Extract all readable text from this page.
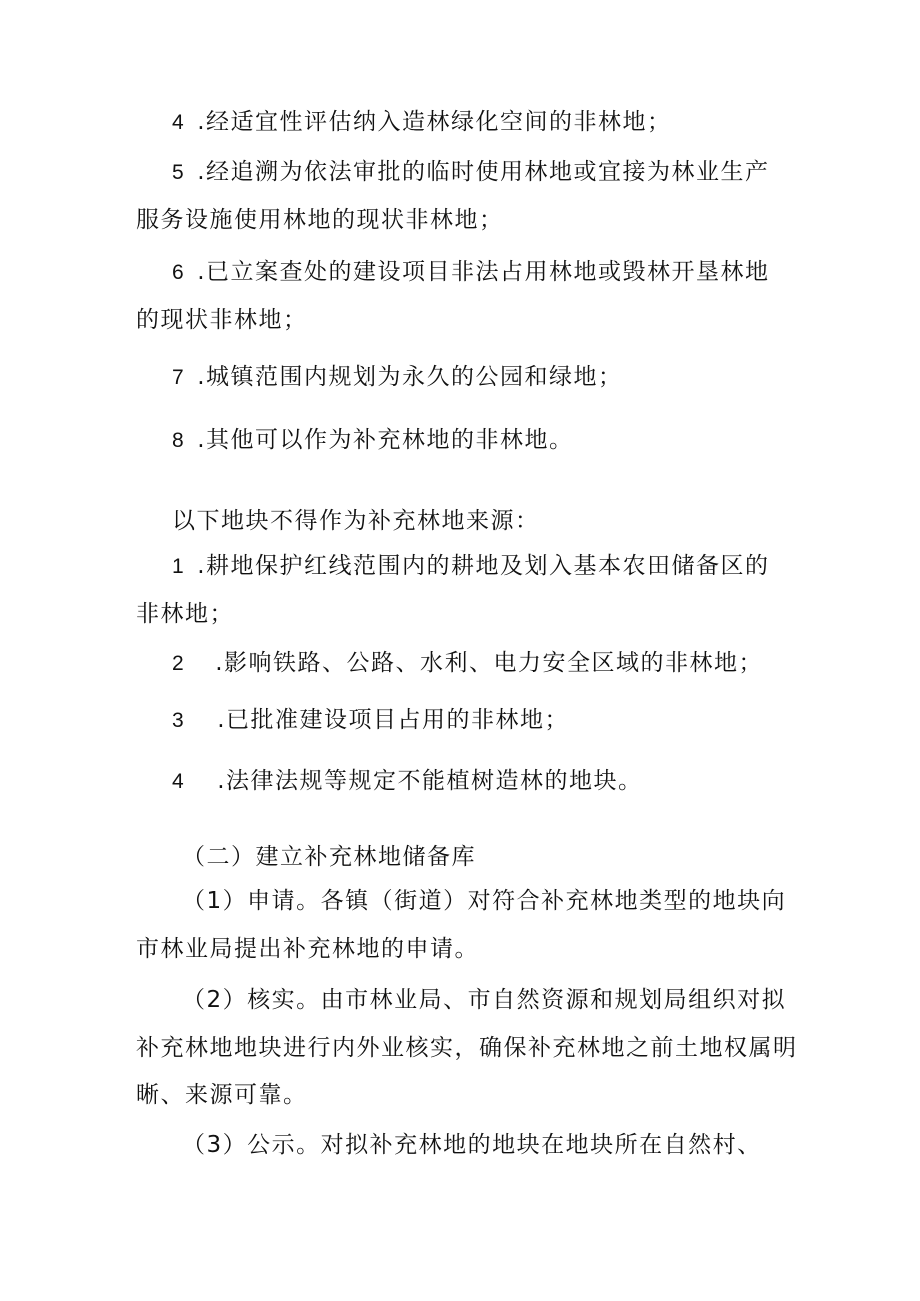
4 .经适宜性评估纳入造林绿化空间的非林地；
5 .经追溯为依法审批的临时使用林地或宜接为林业生产
服务设施使用林地的现状非林地；
6 .已立案查处的建设项目非法占用林地或毁林开垦林地
的现状非林地；
7 .城镇范围内规划为永久的公园和绿地；
8 .其他可以作为补充林地的非林地。
以下地块不得作为补充林地来源：
1 .耕地保护红线范围内的耕地及划入基本农田储备区的
非林地；
2 .影响铁路、公路、水利、电力安全区域的非林地；
3 .已批准建设项目占用的非林地；
4 .法律法规等规定不能植树造林的地块。
（二）建立补充林地储备库
（1）申请。各镇（街道）对符合补充林地类型的地块向
市林业局提出补充林地的申请。
（2）核实。由市林业局、市自然资源和规划局组织对拟
补充林地地块进行内外业核实，确保补充林地之前土地权属明
晰、来源可靠。
（3）公示。对拟补充林地的地块在地块所在自然村、
